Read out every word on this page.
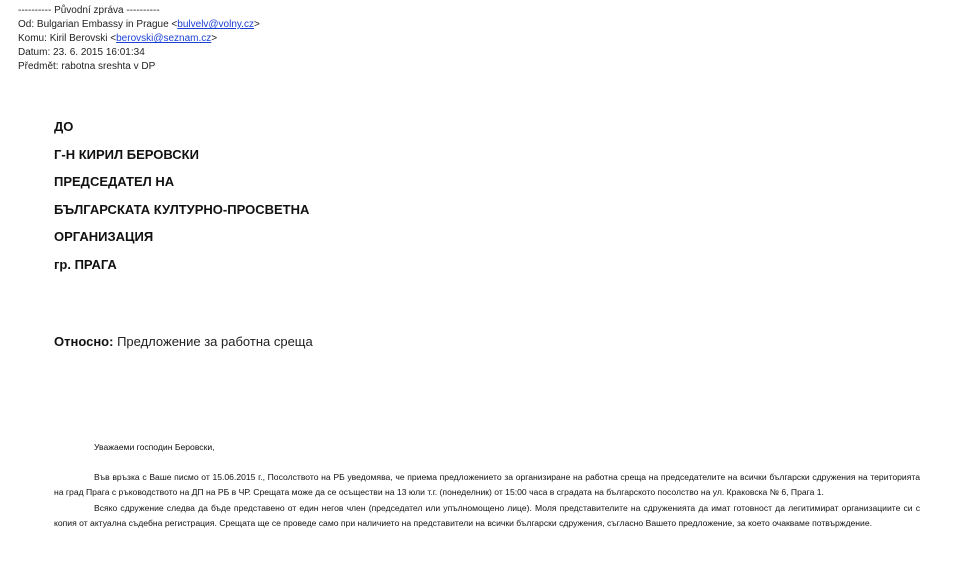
---------- Původní zpráva ----------
Od: Bulgarian Embassy in Prague <bulvelv@volny.cz>
Komu: Kiril Berovski <berovski@seznam.cz>
Datum: 23. 6. 2015 16:01:34
Předmět: rabotna sreshta v DP
ДО
Г-Н КИРИЛ БЕРОВСКИ
ПРЕДСЕДАТЕЛ НА
БЪЛГАРСКАТА КУЛТУРНО-ПРОСВЕТНА
ОРГАНИЗАЦИЯ
гр. ПРАГА
Относно: Предложение за работна среща

Уважаеми господин Беровски,

Във връзка с Ваше писмо от 15.06.2015 г., Посолството на РБ уведомява, че приема предложението за организиране на работна среща на председателите на всички български сдружения на територията на град Прага с ръководството на ДП на РБ в ЧР. Срещата може да се осъществи на 13 юли т.г. (понеделник) от 15:00 часа в сградата на българското посолство на ул. Краковска № 6, Прага 1.

Всяко сдружение следва да бъде представено от един негов член (председател или упълномощено лице). Моля представителите на сдруженията да имат готовност да легитимират организациите си с копия от актуална съдебна регистрация. Срещата ще се проведе само при наличието на представители на всички български сдружения, съгласно Вашето предложение, за което очакваме потвърждение.
